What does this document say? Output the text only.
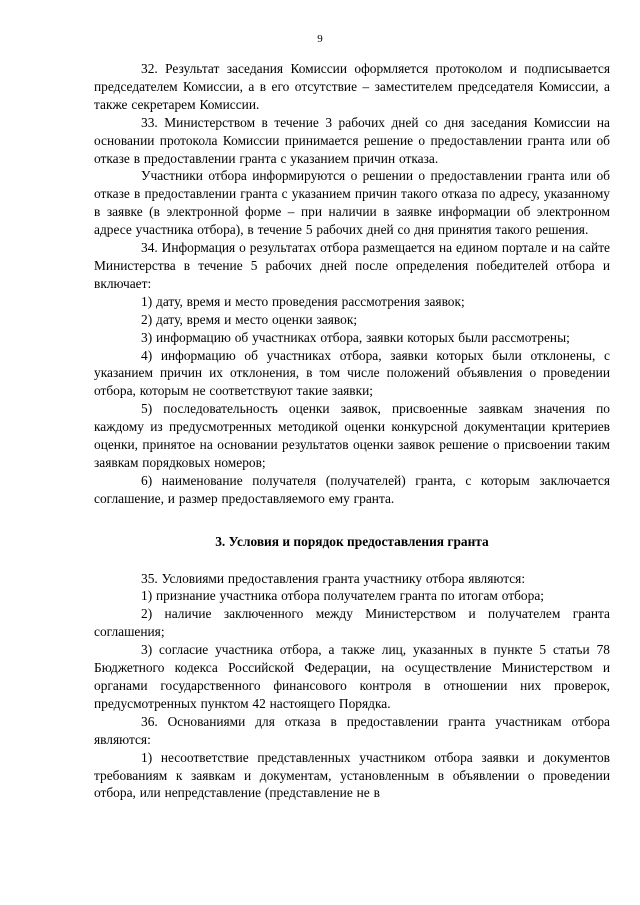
9

32. Результат заседания Комиссии оформляется протоколом и подписывается председателем Комиссии, а в его отсутствие – заместителем председателя Комиссии, а также секретарем Комиссии.

33. Министерством в течение 3 рабочих дней со дня заседания Комиссии на основании протокола Комиссии принимается решение о предоставлении гранта или об отказе в предоставлении гранта с указанием причин отказа.

Участники отбора информируются о решении о предоставлении гранта или об отказе в предоставлении гранта с указанием причин такого отказа по адресу, указанному в заявке (в электронной форме – при наличии в заявке информации об электронном адресе участника отбора), в течение 5 рабочих дней со дня принятия такого решения.

34. Информация о результатах отбора размещается на едином портале и на сайте Министерства в течение 5 рабочих дней после определения победителей отбора и включает:

1) дату, время и место проведения рассмотрения заявок;

2) дату, время и место оценки заявок;

3) информацию об участниках отбора, заявки которых были рассмотрены;

4) информацию об участниках отбора, заявки которых были отклонены, с указанием причин их отклонения, в том числе положений объявления о проведении отбора, которым не соответствуют такие заявки;

5) последовательность оценки заявок, присвоенные заявкам значения по каждому из предусмотренных методикой оценки конкурсной документации критериев оценки, принятое на основании результатов оценки заявок решение о присвоении таким заявкам порядковых номеров;

6) наименование получателя (получателей) гранта, с которым заключается соглашение, и размер предоставляемого ему гранта.

3. Условия и порядок предоставления гранта

35. Условиями предоставления гранта участнику отбора являются:

1) признание участника отбора получателем гранта по итогам отбора;

2) наличие заключенного между Министерством и получателем гранта соглашения;

3) согласие участника отбора, а также лиц, указанных в пункте 5 статьи 78 Бюджетного кодекса Российской Федерации, на осуществление Министерством и органами государственного финансового контроля в отношении них проверок, предусмотренных пунктом 42 настоящего Порядка.

36. Основаниями для отказа в предоставлении гранта участникам отбора являются:

1) несоответствие представленных участником отбора заявки и документов требованиям к заявкам и документам, установленным в объявлении о проведении отбора, или непредставление (представление не в
